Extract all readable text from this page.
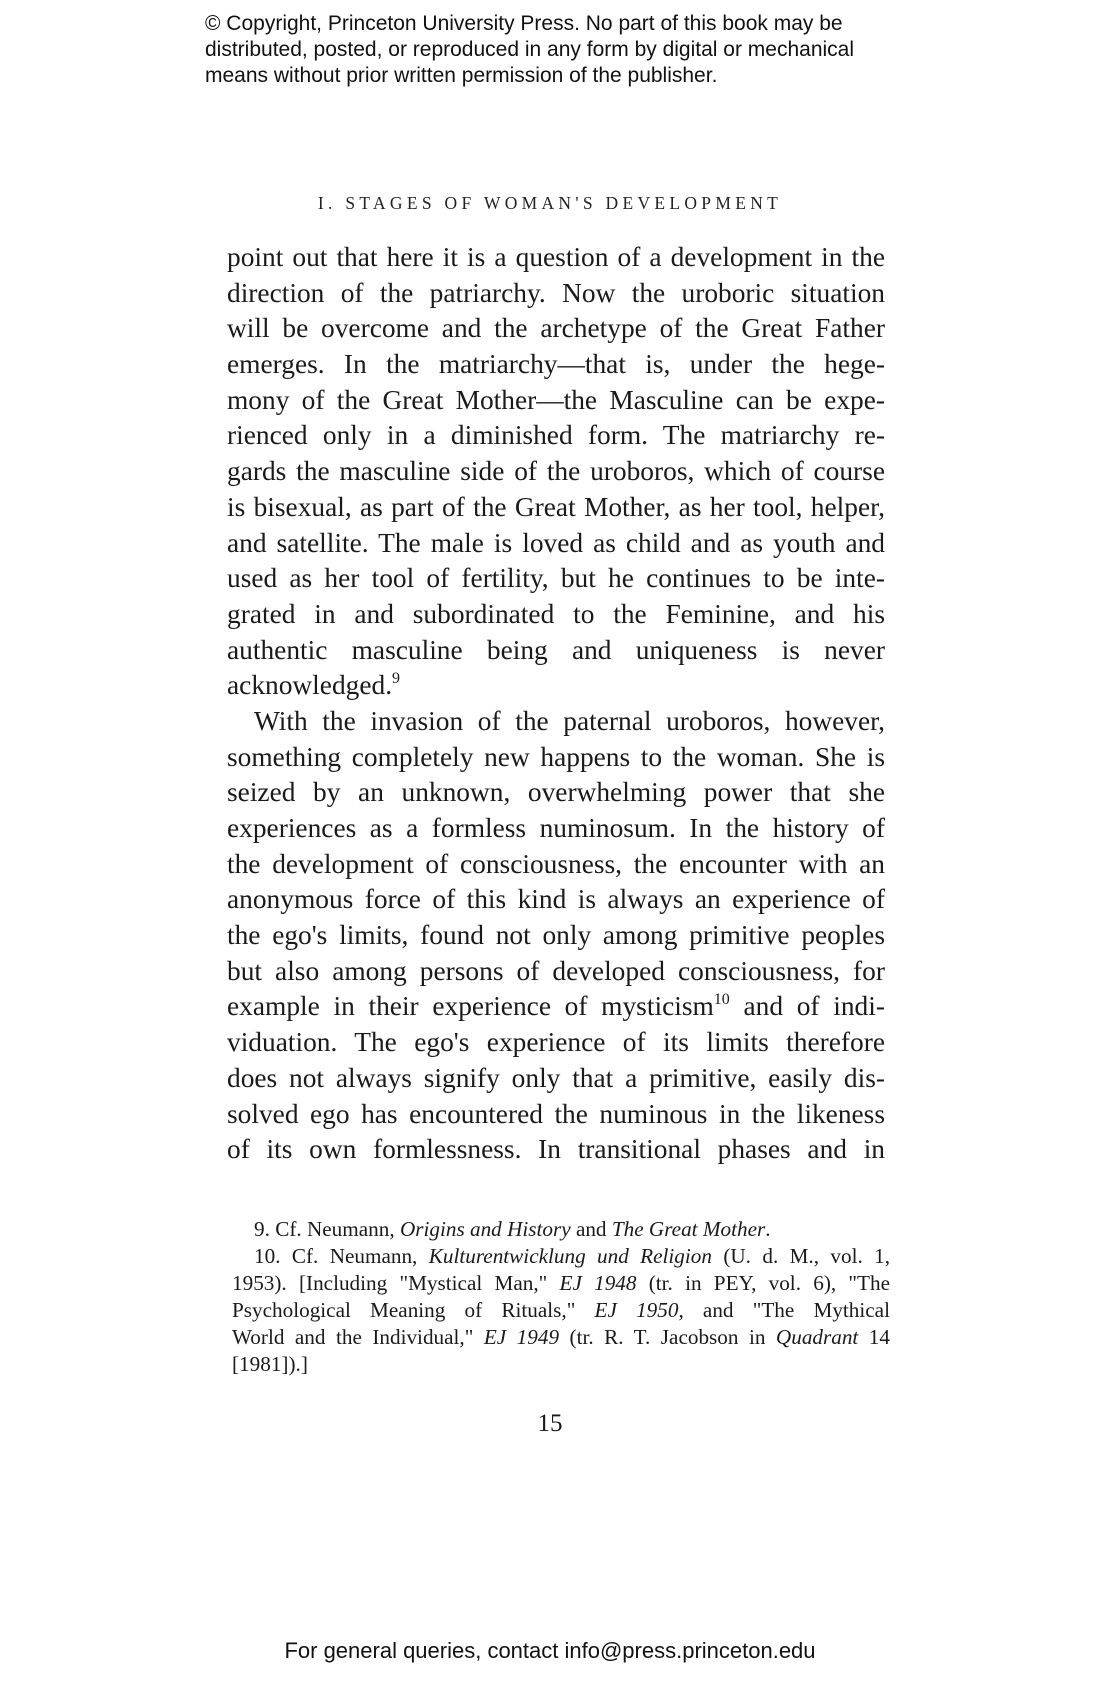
© Copyright, Princeton University Press. No part of this book may be
distributed, posted, or reproduced in any form by digital or mechanical
means without prior written permission of the publisher.
I. STAGES OF WOMAN'S DEVELOPMENT
point out that here it is a question of a development in the
direction of the patriarchy. Now the uroboric situation
will be overcome and the archetype of the Great Father
emerges. In the matriarchy—that is, under the hege-
mony of the Great Mother—the Masculine can be expe-
rienced only in a diminished form. The matriarchy re-
gards the masculine side of the uroboros, which of course
is bisexual, as part of the Great Mother, as her tool, helper,
and satellite. The male is loved as child and as youth and
used as her tool of fertility, but he continues to be inte-
grated in and subordinated to the Feminine, and his
authentic masculine being and uniqueness is never
acknowledged.$^9$
With the invasion of the paternal uroboros, however,
something completely new happens to the woman. She is
seized by an unknown, overwhelming power that she
experiences as a formless numinosum. In the history of
the development of consciousness, the encounter with an
anonymous force of this kind is always an experience of
the ego's limits, found not only among primitive peoples
but also among persons of developed consciousness, for
example in their experience of mysticism$^{10}$ and of indi-
viduation. The ego's experience of its limits therefore
does not always signify only that a primitive, easily dis-
solved ego has encountered the numinous in the likeness
of its own formlessness. In transitional phases and in
9. Cf. Neumann, Origins and History and The Great Mother.
10. Cf. Neumann, Kulturentwicklung und Religion (U. d. M., vol. 1,
1953). [Including "Mystical Man," EJ 1948 (tr. in PEY, vol. 6), "The
Psychological Meaning of Rituals," EJ 1950, and "The Mythical
World and the Individual," EJ 1949 (tr. R. T. Jacobson in Quadrant 14
[1981]).]
15
For general queries, contact info@press.princeton.edu
